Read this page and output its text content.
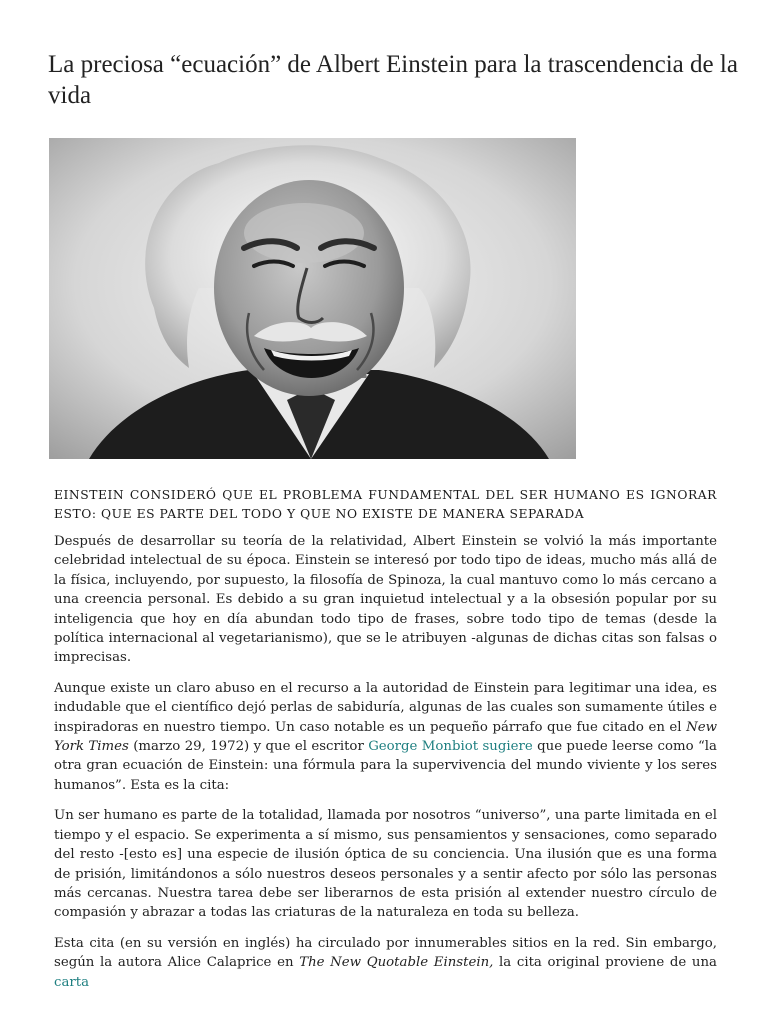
La preciosa “ecuación” de Albert Einstein para la trascendencia de la vida

EINSTEIN CONSIDERÓ QUE EL PROBLEMA FUNDAMENTAL DEL SER HUMANO ES IGNORAR ESTO: QUE ES PARTE DEL TODO Y QUE NO EXISTE DE MANERA SEPARADA

Después de desarrollar su teoría de la relatividad, Albert Einstein se volvió la más importante celebridad intelectual de su época. Einstein se interesó por todo tipo de ideas, mucho más allá de la física, incluyendo, por supuesto, la filosofía de Spinoza, la cual mantuvo como lo más cercano a una creencia personal. Es debido a su gran inquietud intelectual y a la obsesión popular por su inteligencia que hoy en día abundan todo tipo de frases, sobre todo tipo de temas (desde la política internacional al vegetarianismo), que se le atribuyen -algunas de dichas citas son falsas o imprecisas.

Aunque existe un claro abuso en el recurso a la autoridad de Einstein para legitimar una idea, es indudable que el científico dejó perlas de sabiduría, algunas de las cuales son sumamente útiles e inspiradoras en nuestro tiempo. Un caso notable es un pequeño párrafo que fue citado en el New York Times (marzo 29, 1972) y que el escritor George Monbiot sugiere que puede leerse como “la otra gran ecuación de Einstein: una fórmula para la supervivencia del mundo viviente y los seres humanos”. Esta es la cita:

Un ser humano es parte de la totalidad, llamada por nosotros “universo”, una parte limitada en el tiempo y el espacio. Se experimenta a sí mismo, sus pensamientos y sensaciones, como separado del resto -[esto es] una especie de ilusión óptica de su conciencia. Una ilusión que es una forma de prisión, limitándonos a sólo nuestros deseos personales y a sentir afecto por sólo las personas más cercanas. Nuestra tarea debe ser liberarnos de esta prisión al extender nuestro círculo de compasión y abrazar a todas las criaturas de la naturaleza en toda su belleza.

Esta cita (en su versión en inglés) ha circulado por innumerables sitios en la red. Sin embargo, según la autora Alice Calaprice en The New Quotable Einstein, la cita original proviene de una carta
